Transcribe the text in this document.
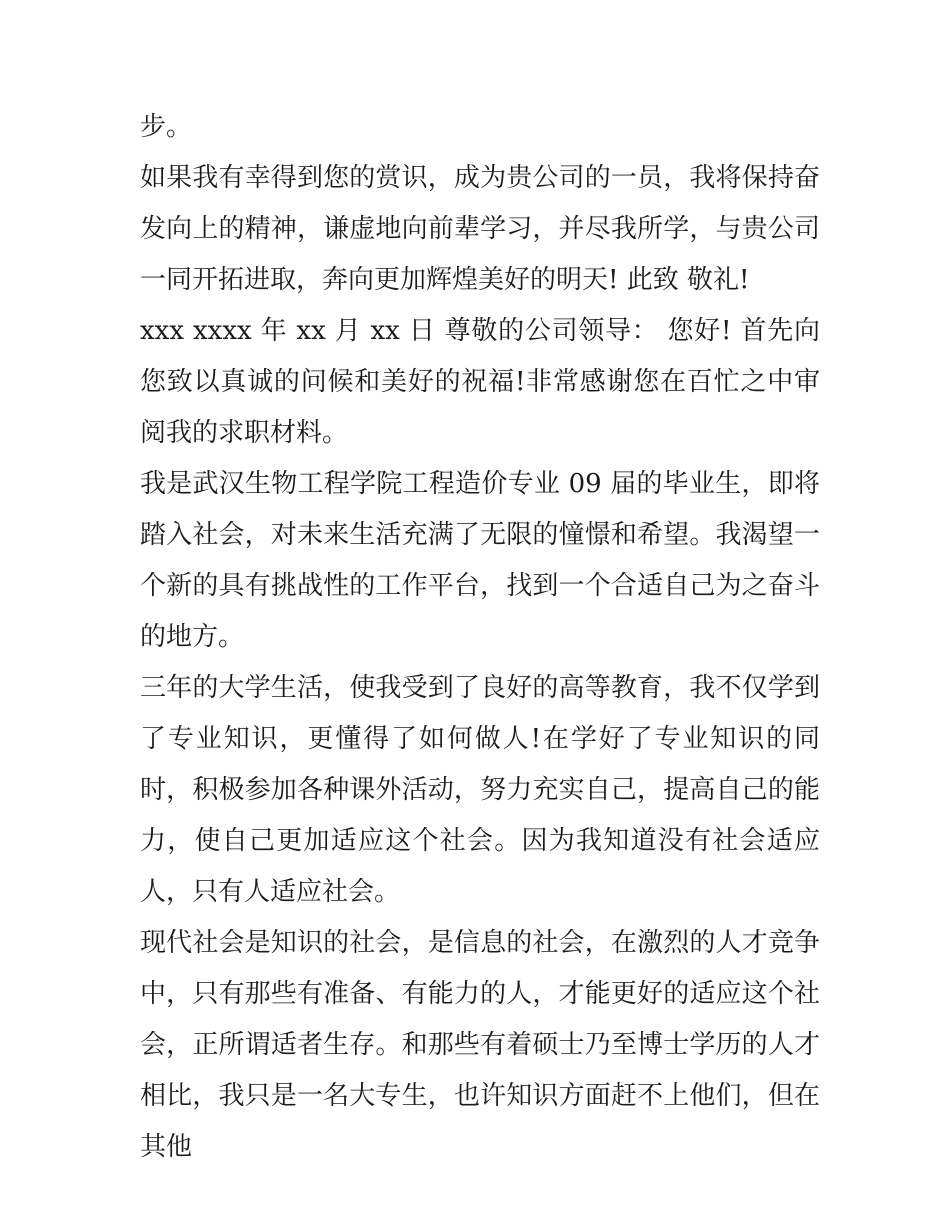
步。

如果我有幸得到您的赏识，成为贵公司的一员，我将保持奋发向上的精神，谦虚地向前辈学习，并尽我所学，与贵公司一同开拓进取，奔向更加辉煌美好的明天! 此致 敬礼!

xxx xxxx 年 xx 月 xx 日 尊敬的公司领导： 您好! 首先向您致以真诚的问候和美好的祝福!非常感谢您在百忙之中审阅我的求职材料。

我是武汉生物工程学院工程造价专业 09 届的毕业生，即将踏入社会，对未来生活充满了无限的憧憬和希望。我渴望一个新的具有挑战性的工作平台，找到一个合适自己为之奋斗的地方。

三年的大学生活，使我受到了良好的高等教育，我不仅学到了专业知识，更懂得了如何做人!在学好了专业知识的同时，积极参加各种课外活动，努力充实自己，提高自己的能力，使自己更加适应这个社会。因为我知道没有社会适应人，只有人适应社会。

现代社会是知识的社会，是信息的社会，在激烈的人才竞争中，只有那些有准备、有能力的人，才能更好的适应这个社会，正所谓适者生存。和那些有着硕士乃至博士学历的人才相比，我只是一名大专生，也许知识方面赶不上他们，但在其他
